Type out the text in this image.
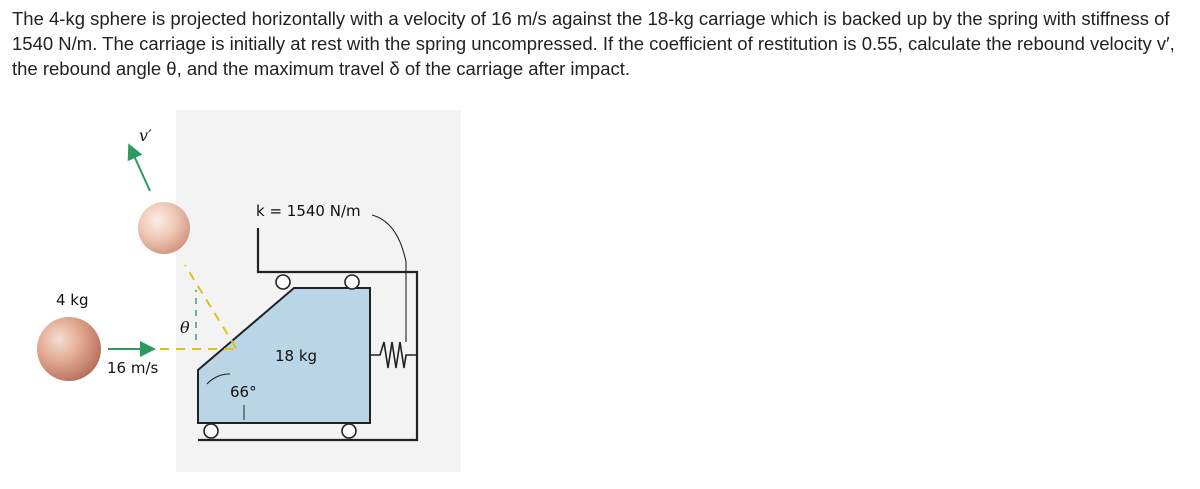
The 4-kg sphere is projected horizontally with a velocity of 16 m/s against the 18-kg carriage which is backed up by the spring with stiffness of 1540 N/m. The carriage is initially at rest with the spring uncompressed. If the coefficient of restitution is 0.55, calculate the rebound velocity v′, the rebound angle θ, and the maximum travel δ of the carriage after impact.

4 kg
16 m/s
v′
θ
k = 1540 N/m
18 kg
66°
